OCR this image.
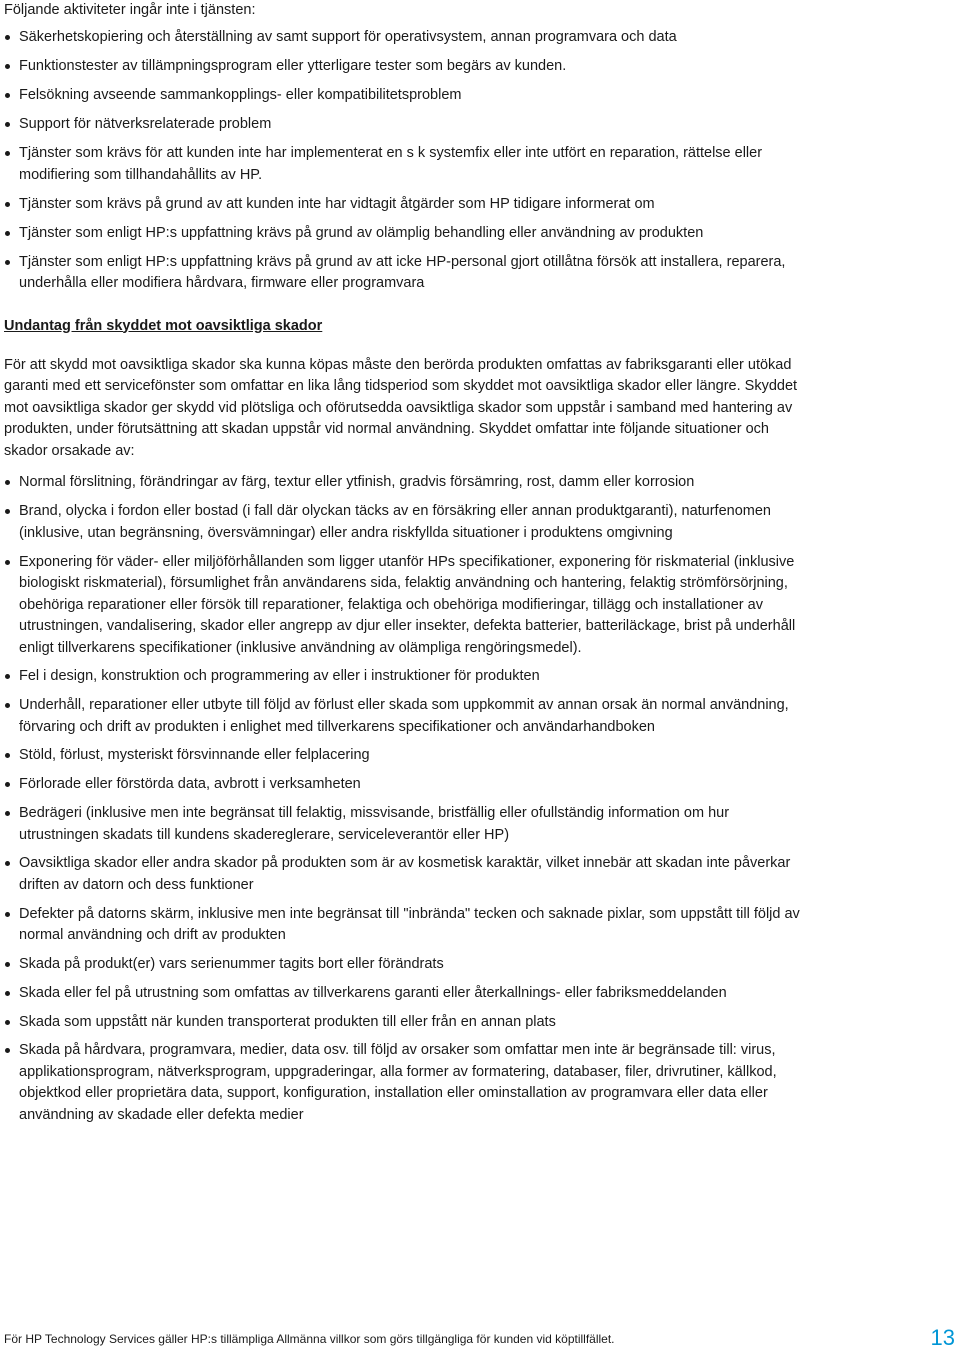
Följande aktiviteter ingår inte i tjänsten:

Säkerhetskopiering och återställning av samt support för operativsystem, annan programvara och data
Funktionstester av tillämpningsprogram eller ytterligare tester som begärs av kunden.
Felsökning avseende sammankopplings- eller kompatibilitetsproblem
Support för nätverksrelaterade problem
Tjänster som krävs för att kunden inte har implementerat en s k systemfix eller inte utfört en reparation, rättelse eller modifiering som tillhandahållits av HP.
Tjänster som krävs på grund av att kunden inte har vidtagit åtgärder som HP tidigare informerat om
Tjänster som enligt HP:s uppfattning krävs på grund av olämplig behandling eller användning av produkten
Tjänster som enligt HP:s uppfattning krävs på grund av att icke HP-personal gjort otillåtna försök att installera, reparera, underhålla eller modifiera hårdvara, firmware eller programvara
Undantag från skyddet mot oavsiktliga skador

För att skydd mot oavsiktliga skador ska kunna köpas måste den berörda produkten omfattas av fabriksgaranti eller utökad garanti med ett servicefönster som omfattar en lika lång tidsperiod som skyddet mot oavsiktliga skador eller längre. Skyddet mot oavsiktliga skador ger skydd vid plötsliga och oförutsedda oavsiktliga skador som uppstår i samband med hantering av produkten, under förutsättning att skadan uppstår vid normal användning. Skyddet omfattar inte följande situationer och skador orsakade av:

Normal förslitning, förändringar av färg, textur eller ytfinish, gradvis försämring, rost, damm eller korrosion
Brand, olycka i fordon eller bostad (i fall där olyckan täcks av en försäkring eller annan produktgaranti), naturfenomen (inklusive, utan begränsning, översvämningar) eller andra riskfyllda situationer i produktens omgivning
Exponering för väder- eller miljöförhållanden som ligger utanför HPs specifikationer, exponering för riskmaterial (inklusive biologiskt riskmaterial), försumlighet från användarens sida, felaktig användning och hantering, felaktig strömförsörjning, obehöriga reparationer eller försök till reparationer, felaktiga och obehöriga modifieringar, tillägg och installationer av utrustningen, vandalisering, skador eller angrepp av djur eller insekter, defekta batterier, batteriläckage, brist på underhåll enligt tillverkarens specifikationer (inklusive användning av olämpliga rengöringsmedel).
Fel i design, konstruktion och programmering av eller i instruktioner för produkten
Underhåll, reparationer eller utbyte till följd av förlust eller skada som uppkommit av annan orsak än normal användning, förvaring och drift av produkten i enlighet med tillverkarens specifikationer och användarhandboken
Stöld, förlust, mysteriskt försvinnande eller felplacering
Förlorade eller förstörda data, avbrott i verksamheten
Bedrägeri (inklusive men inte begränsat till felaktig, missvisande, bristfällig eller ofullständig information om hur utrustningen skadats till kundens skadereglerare, serviceleverantör eller HP)
Oavsiktliga skador eller andra skador på produkten som är av kosmetisk karaktär, vilket innebär att skadan inte påverkar driften av datorn och dess funktioner
Defekter på datorns skärm, inklusive men inte begränsat till "inbrända" tecken och saknade pixlar, som uppstått till följd av normal användning och drift av produkten
Skada på produkt(er) vars serienummer tagits bort eller förändrats
Skada eller fel på utrustning som omfattas av tillverkarens garanti eller återkallnings- eller fabriksmeddelanden
Skada som uppstått när kunden transporterat produkten till eller från en annan plats
Skada på hårdvara, programvara, medier, data osv. till följd av orsaker som omfattar men inte är begränsade till: virus, applikationsprogram, nätverksprogram, uppgraderingar, alla former av formatering, databaser, filer, drivrutiner, källkod, objektkod eller proprietära data, support, konfiguration, installation eller ominstallation av programvara eller data eller användning av skadade eller defekta medier
För HP Technology Services gäller HP:s tillämpliga Allmänna villkor som görs tillgängliga för kunden vid köptillfället.	13
